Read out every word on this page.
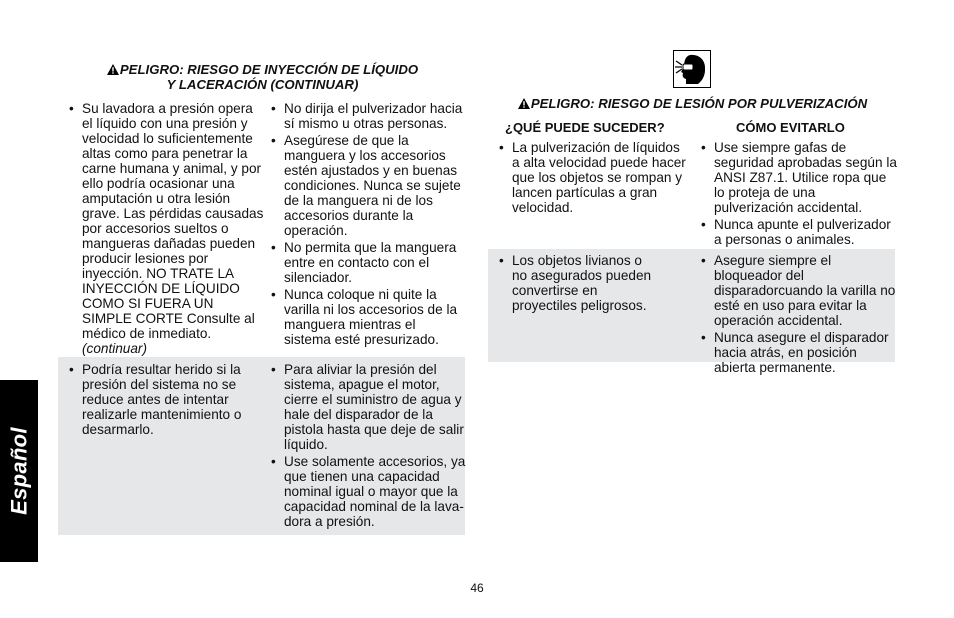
Español
PELIGRO: RIESGO DE INYECCIÓN DE LÍQUIDO
Y LACERACIÓN (CONTINUAR)
• Su lavadora a presión opera el líquido con una presión y velocidad lo suficientemente altas como para penetrar la carne humana y animal, y por ello podría ocasionar una amputación u otra lesión grave. Las pérdidas causadas por accesorios sueltos o mangueras dañadas pueden producir lesiones por inyección. NO TRATE LA INYECCIÓN DE LÍQUIDO COMO SI FUERA UN SIMPLE CORTE Consulte al médico de inmediato.
(continuar)
• No dirija el pulverizador hacia sí mismo u otras personas.
• Asegúrese de que la manguera y los accesorios estén ajustados y en buenas condiciones. Nunca se sujete de la manguera ni de los accesorios durante la operación.
• No permita que la manguera entre en contacto con el silenciador.
• Nunca coloque ni quite la varilla ni los accesorios de la manguera mientras el sistema esté presurizado.
• Podría resultar herido si la presión del sistema no se reduce antes de intentar realizarle mantenimiento o desarmarlo.
• Para aliviar la presión del sistema, apague el motor, cierre el suministro de agua y hale del disparador de la pistola hasta que deje de salir líquido.
• Use solamente accesorios, ya que tienen una capacidad nominal igual o mayor que la capacidad nominal de la lava- dora a presión.
PELIGRO: RIESGO DE LESIÓN POR PULVERIZACIÓN
¿QUÉ PUEDE SUCEDER?	CÓMO EVITARLO
• La pulverización de líquidos a alta velocidad puede hacer que los objetos se rompan y lancen partículas a gran velocidad.
• Use siempre gafas de seguridad aprobadas según la ANSI Z87.1. Utilice ropa que lo proteja de una pulverización accidental.
• Nunca apunte el pulverizador a personas o animales.
• Los objetos livianos o no asegurados pueden convertirse en proyectiles peligrosos.
• Asegure siempre el bloqueador del disparadorcuando la varilla no esté en uso para evitar la operación accidental.
• Nunca asegure el disparador hacia atrás, en posición abierta permanente.
46
